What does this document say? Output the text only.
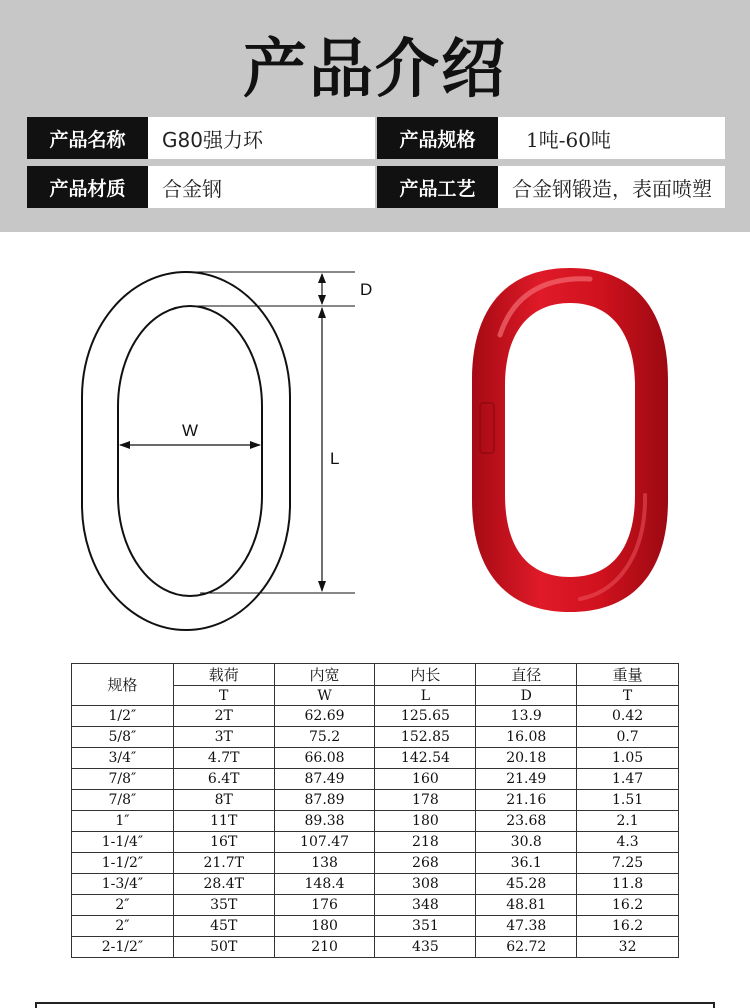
产品介绍
产品名称	G80强力环	产品规格	1吨-60吨
产品材质	合金钢	产品工艺	合金钢锻造，表面喷塑
D
W
L
规格	载荷	内宽	内长	直径	重量
	T	W	L	D	T
1/2″	2T	62.69	125.65	13.9	0.42
5/8″	3T	75.2	152.85	16.08	0.7
3/4″	4.7T	66.08	142.54	20.18	1.05
7/8″	6.4T	87.49	160	21.49	1.47
7/8″	8T	87.89	178	21.16	1.51
1″	11T	89.38	180	23.68	2.1
1-1/4″	16T	107.47	218	30.8	4.3
1-1/2″	21.7T	138	268	36.1	7.25
1-3/4″	28.4T	148.4	308	45.28	11.8
2″	35T	176	348	48.81	16.2
2″	45T	180	351	47.38	16.2
2-1/2″	50T	210	435	62.72	32
